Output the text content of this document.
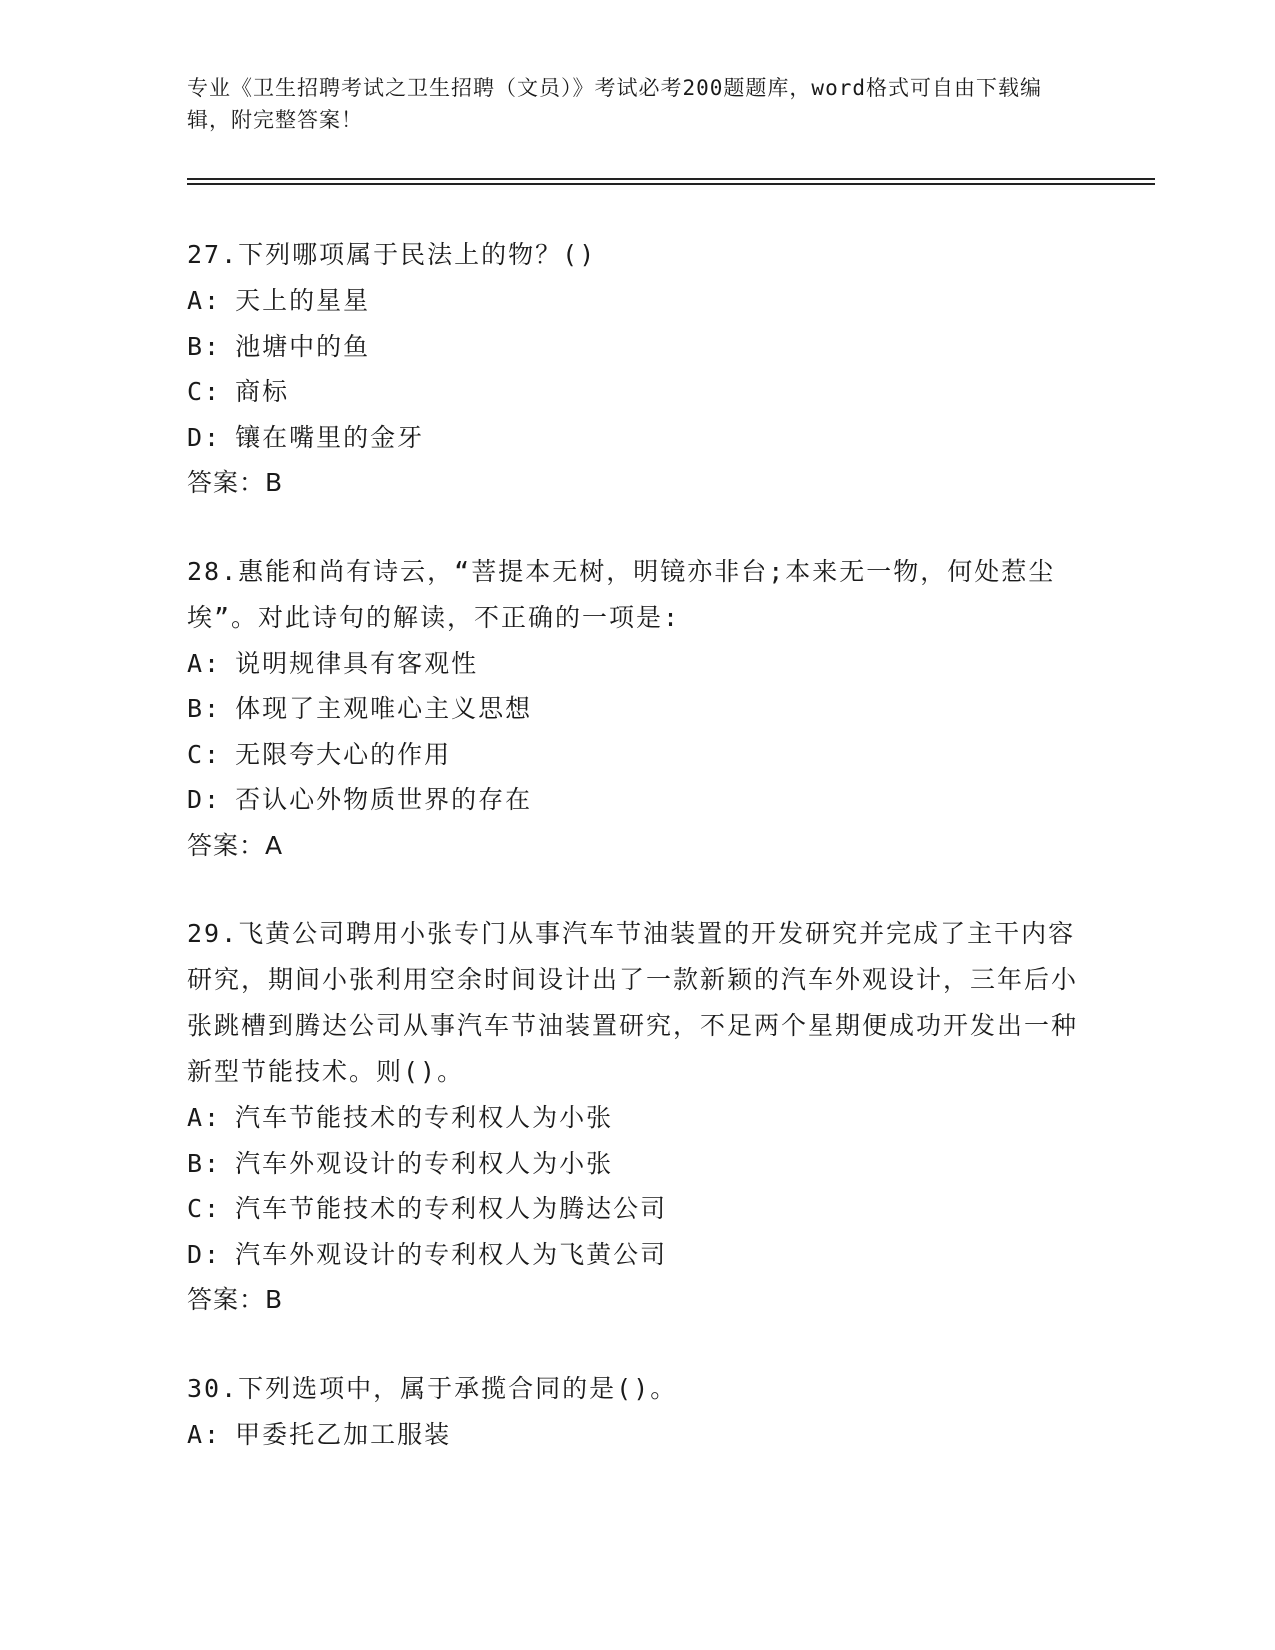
专业《卫生招聘考试之卫生招聘（文员）》考试必考200题题库，word格式可自由下载编辑，附完整答案！

27.下列哪项属于民法上的物？()

A: 天上的星星

B: 池塘中的鱼

C: 商标

D: 镶在嘴里的金牙

答案：B

28.惠能和尚有诗云，“菩提本无树，明镜亦非台;本来无一物，何处惹尘埃”。对此诗句的解读，不正确的一项是:

A: 说明规律具有客观性

B: 体现了主观唯心主义思想

C: 无限夸大心的作用

D: 否认心外物质世界的存在

答案：A

29.飞黄公司聘用小张专门从事汽车节油装置的开发研究并完成了主干内容研究，期间小张利用空余时间设计出了一款新颖的汽车外观设计，三年后小张跳槽到腾达公司从事汽车节油装置研究，不足两个星期便成功开发出一种新型节能技术。则()。

A: 汽车节能技术的专利权人为小张

B: 汽车外观设计的专利权人为小张

C: 汽车节能技术的专利权人为腾达公司

D: 汽车外观设计的专利权人为飞黄公司

答案：B

30.下列选项中，属于承揽合同的是()。

A: 甲委托乙加工服装
